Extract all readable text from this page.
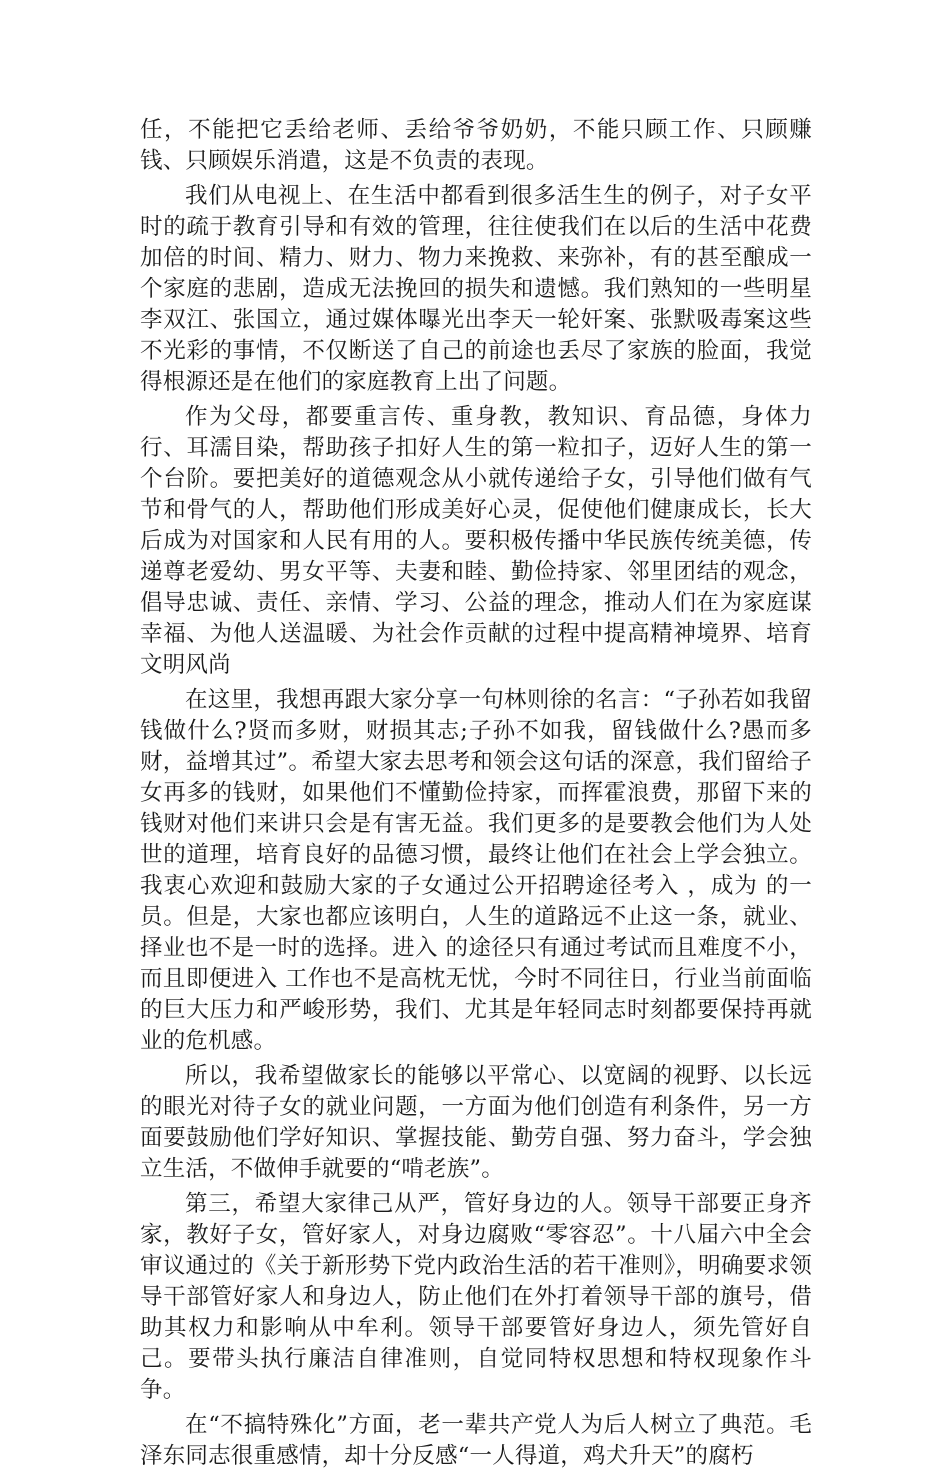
任，不能把它丢给老师、丢给爷爷奶奶，不能只顾工作、只顾赚钱、只顾娱乐消遣，这是不负责的表现。

我们从电视上、在生活中都看到很多活生生的例子，对子女平时的疏于教育引导和有效的管理，往往使我们在以后的生活中花费加倍的时间、精力、财力、物力来挽救、来弥补，有的甚至酿成一个家庭的悲剧，造成无法挽回的损失和遗憾。我们熟知的一些明星李双江、张国立，通过媒体曝光出李天一轮奸案、张默吸毒案这些不光彩的事情，不仅断送了自己的前途也丢尽了家族的脸面，我觉得根源还是在他们的家庭教育上出了问题。

作为父母，都要重言传、重身教，教知识、育品德，身体力行、耳濡目染，帮助孩子扣好人生的第一粒扣子，迈好人生的第一个台阶。要把美好的道德观念从小就传递给子女，引导他们做有气节和骨气的人，帮助他们形成美好心灵，促使他们健康成长，长大后成为对国家和人民有用的人。要积极传播中华民族传统美德，传递尊老爱幼、男女平等、夫妻和睦、勤俭持家、邻里团结的观念，倡导忠诚、责任、亲情、学习、公益的理念，推动人们在为家庭谋幸福、为他人送温暖、为社会作贡献的过程中提高精神境界、培育文明风尚

在这里，我想再跟大家分享一句林则徐的名言：“子孙若如我留钱做什么?贤而多财，财损其志;子孙不如我，留钱做什么?愚而多财，益增其过”。希望大家去思考和领会这句话的深意，我们留给子女再多的钱财，如果他们不懂勤俭持家，而挥霍浪费，那留下来的钱财对他们来讲只会是有害无益。我们更多的是要教会他们为人处世的道理，培育良好的品德习惯，最终让他们在社会上学会独立。我衷心欢迎和鼓励大家的子女通过公开招聘途径考入 ，成为 的一员。但是，大家也都应该明白，人生的道路远不止这一条，就业、择业也不是一时的选择。进入 的途径只有通过考试而且难度不小，而且即便进入 工作也不是高枕无忧，今时不同往日，行业当前面临的巨大压力和严峻形势，我们、尤其是年轻同志时刻都要保持再就业的危机感。

所以，我希望做家长的能够以平常心、以宽阔的视野、以长远的眼光对待子女的就业问题，一方面为他们创造有利条件，另一方面要鼓励他们学好知识、掌握技能、勤劳自强、努力奋斗，学会独立生活，不做伸手就要的“啃老族”。

第三，希望大家律己从严，管好身边的人。领导干部要正身齐家，教好子女，管好家人，对身边腐败“零容忍”。十八届六中全会审议通过的《关于新形势下党内政治生活的若干准则》，明确要求领导干部管好家人和身边人，防止他们在外打着领导干部的旗号，借助其权力和影响从中牟利。领导干部要管好身边人，须先管好自己。要带头执行廉洁自律准则，自觉同特权思想和特权现象作斗争。

在“不搞特殊化”方面，老一辈共产党人为后人树立了典范。毛泽东同志很重感情，却十分反感“一人得道，鸡犬升天”的腐朽
